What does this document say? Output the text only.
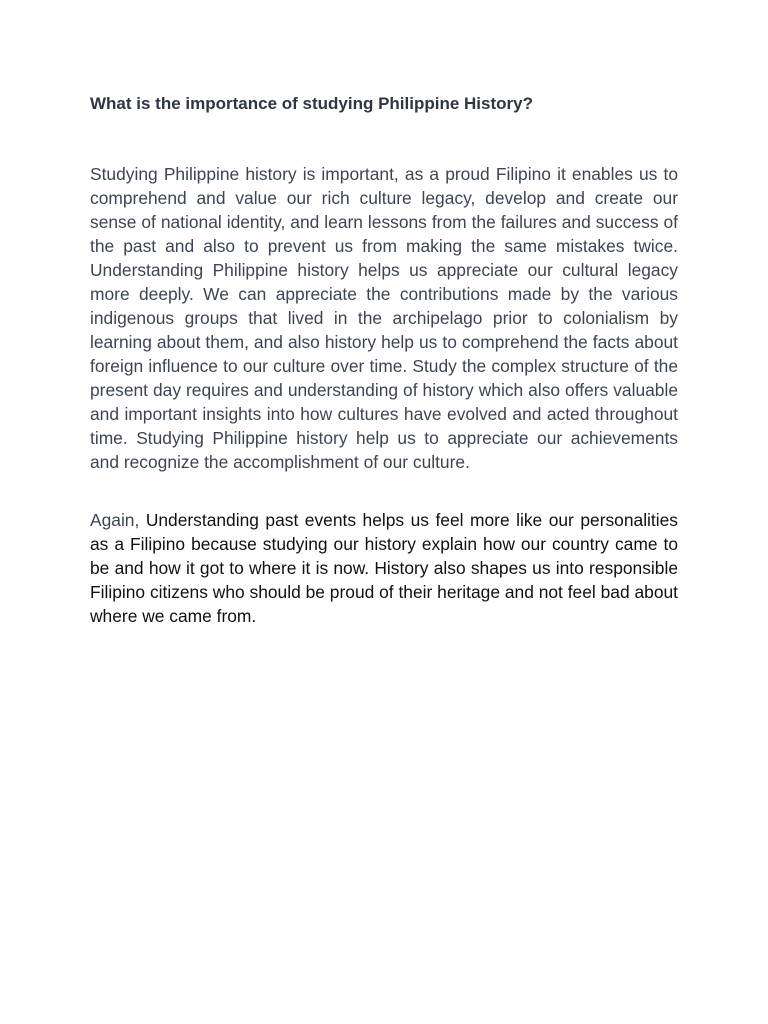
What is the importance of studying Philippine History?

Studying Philippine history is important, as a proud Filipino it enables us to comprehend and value our rich culture legacy, develop and create our sense of national identity, and learn lessons from the failures and success of the past and also to prevent us from making the same mistakes twice. Understanding Philippine history helps us appreciate our cultural legacy more deeply. We can appreciate the contributions made by the various indigenous groups that lived in the archipelago prior to colonialism by learning about them, and also history help us to comprehend the facts about foreign influence to our culture over time. Study the complex structure of the present day requires and understanding of history which also offers valuable and important insights into how cultures have evolved and acted throughout time. Studying Philippine history help us to appreciate our achievements and recognize the accomplishment of our culture.

Again, Understanding past events helps us feel more like our personalities as a Filipino because studying our history explain how our country came to be and how it got to where it is now. History also shapes us into responsible Filipino citizens who should be proud of their heritage and not feel bad about where we came from.
